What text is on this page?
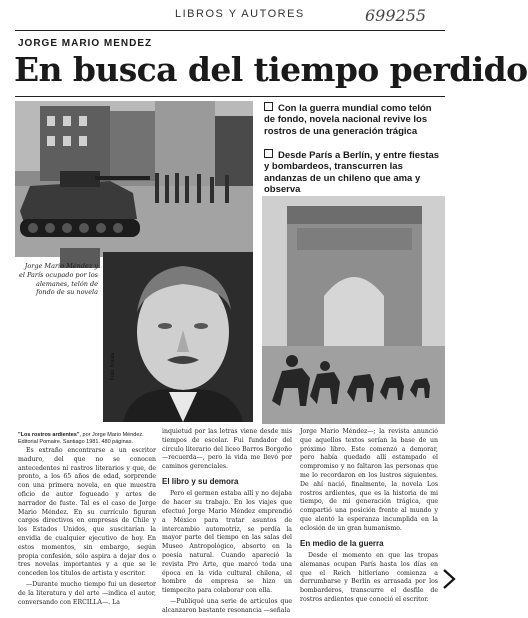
LIBROS Y AUTORES	699255
JORGE MARIO MENDEZ
En busca del tiempo perdido
Jorge Mario Méndez y el París ocupado por los alemanes, telón de fondo de su novela
Foto: Krasta
Con la guerra mundial como telón de fondo, novela nacional revive los rostros de una generación trágica
Desde París a Berlín, y entre fiestas y bombardeos, transcurren las andanzas de un chileno que ama y observa
"Los rostros ardientes", por Jorge Mario Méndez. Editorial Pomaire. Santiago 1981. 480 páginas.

Es extraño encontrarse a un escritor maduro, del que no se conocen antecedentes ni rastros literarios y que, de pronto, a los 65 años de edad, sorprende con una primera novela, en que muestra oficio de autor fogueado y artes de narrador de fuste. Tal es el caso de Jorge Mario Méndez. En su currículo figuran cargos directivos en empresas de Chile y los Estados Unidos, que suscitarían la envidia de cualquier ejecutivo de hoy. En estos momentos, sin embargo, según propia confesión, sólo aspira a dejar dos o tres novelas importantes y a que se le conceden los títulos de artista y escritor.

—Durante mucho tiempo fui un desertor de la literatura y del arte —indica el autor, conversando con ERCILLA—. La

inquietud por las letras viene desde mis tiempos de escolar. Fui fundador del círculo literario del liceo Barros Borgoño —recuerda—, pero la vida me llevó por caminos gerenciales.

El libro y su demora

Pero el germen estaba allí y no dejaba de hacer su trabajo. En los viajes que efectuó Jorge Mario Méndez emprendió a México para tratar asuntos de intercambio automotriz, se perdía la mayor parte del tiempo en las salas del Museo Antropológico, absorto en la poesía natural. Cuando apareció la revista Pro Arte, que marcó toda una época en la vida cultural chilena, el hombre de empresa se hizo un tiempecito para colaborar con ella.

—Publiqué una serie de artículos que alcanzaron bastante resonancia —señala

Jorge Mario Méndez—; la revista anunció que aquellos textos serían la base de un próximo libro. Este comenzó a demorar, pero había quedado allí estampado el compromiso y no faltaron las personas que me lo recordaron en los lustros siguientes. De ahí nació, finalmente, la novela Los rostros ardientes, que es la historia de mi tiempo, de mi generación trágica, que compartió una posición frente al mundo y que alentó la esperanza incumplida en la eclosión de un gran humanismo.

En medio de la guerra

Desde el momento en que las tropas alemanas ocupan París hasta los días en que el Reich hitleriano comienza a derrumbarse y Berlín es arrasada por los bombarderos, transcurre el desfile de rostros ardientes que conoció el escritor.
